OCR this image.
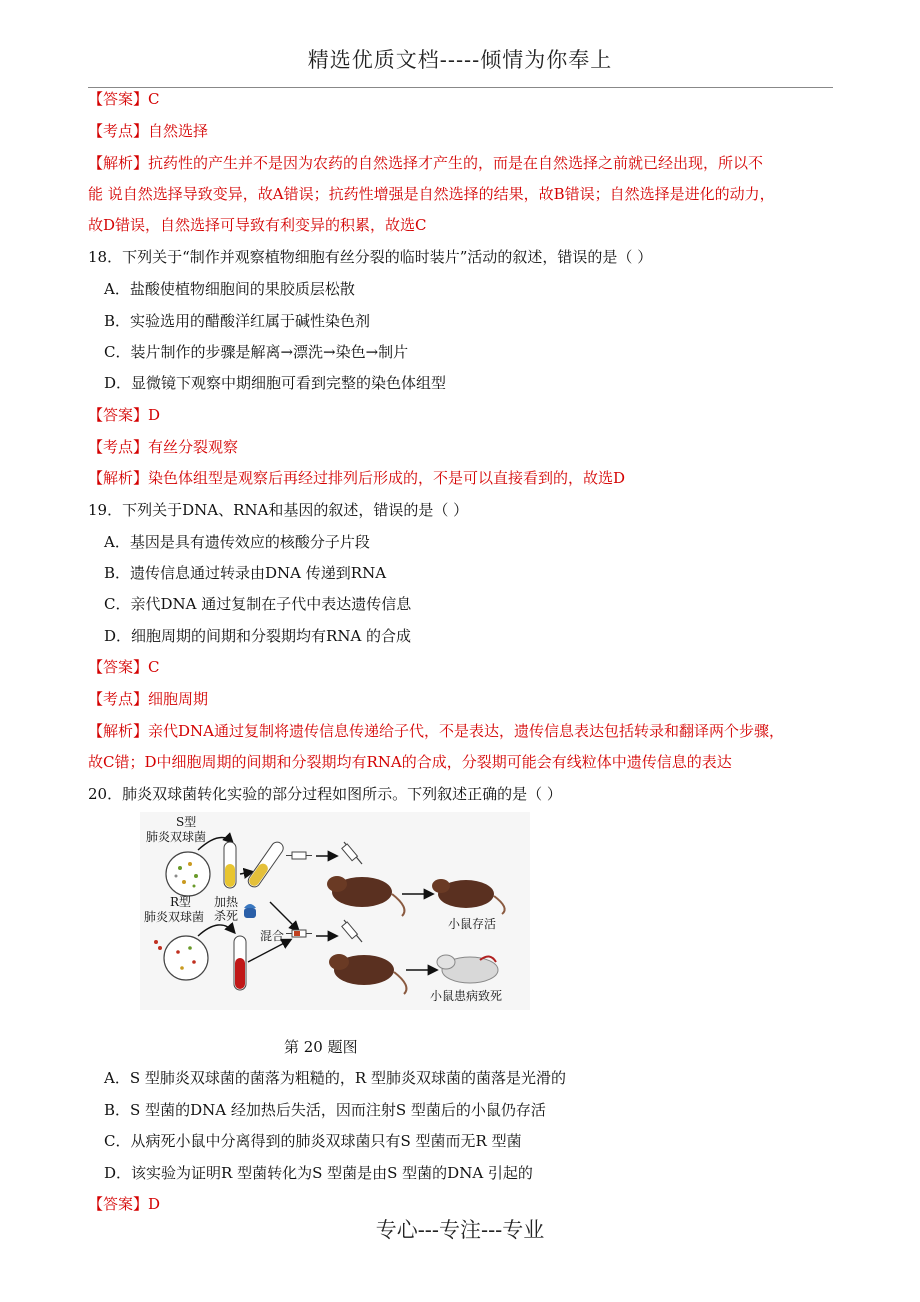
精选优质文档-----倾情为你奉上
【答案】C
【考点】自然选择
【解析】抗药性的产生并不是因为农药的自然选择才产生的，而是在自然选择之前就已经出现，所以不
能 说自然选择导致变异，故A错误；抗药性增强是自然选择的结果，故B错误；自然选择是进化的动力，
故D错误，自然选择可导致有利变异的积累，故选C
18．下列关于“制作并观察植物细胞有丝分裂的临时装片”活动的叙述，错误的是（ ）
A．盐酸使植物细胞间的果胶质层松散
B．实验选用的醋酸洋红属于碱性染色剂
C．装片制作的步骤是解离→漂洗→染色→制片
D．显微镜下观察中期细胞可看到完整的染色体组型
【答案】D
【考点】有丝分裂观察
【解析】染色体组型是观察后再经过排列后形成的，不是可以直接看到的，故选D
19．下列关于DNA、RNA和基因的叙述，错误的是（ ）
A．基因是具有遗传效应的核酸分子片段
B．遗传信息通过转录由DNA 传递到RNA
C．亲代DNA 通过复制在子代中表达遗传信息
D．细胞周期的间期和分裂期均有RNA 的合成
【答案】C
【考点】细胞周期
【解析】亲代DNA通过复制将遗传信息传递给子代，不是表达，遗传信息表达包括转录和翻译两个步骤，
故C错；D中细胞周期的间期和分裂期均有RNA的合成，分裂期可能会有线粒体中遗传信息的表达
20．肺炎双球菌转化实验的部分过程如图所示。下列叙述正确的是（ ）
S型
肺炎双球菌
加热
杀死
小鼠存活
R型
肺炎双球菌
混合
小鼠患病致死
第 20 题图
A．S 型肺炎双球菌的菌落为粗糙的，R 型肺炎双球菌的菌落是光滑的
B．S 型菌的DNA 经加热后失活，因而注射S 型菌后的小鼠仍存活
C．从病死小鼠中分离得到的肺炎双球菌只有S 型菌而无R 型菌
D．该实验为证明R 型菌转化为S 型菌是由S 型菌的DNA 引起的
【答案】D
专心---专注---专业
